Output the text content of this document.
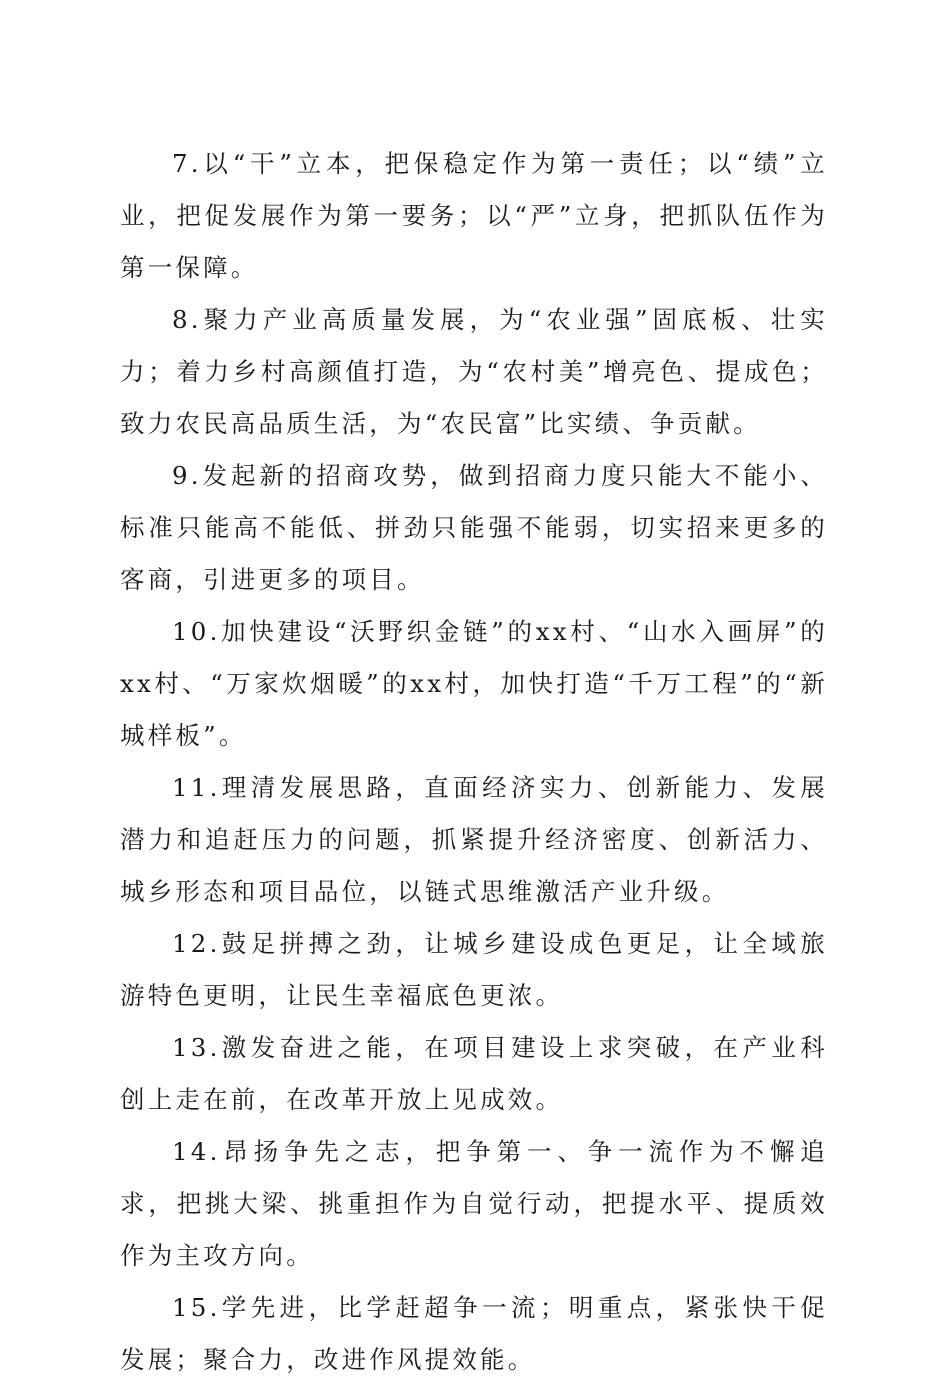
7.以“干”立本，把保稳定作为第一责任；以“绩”立业，把促发展作为第一要务；以“严”立身，把抓队伍作为第一保障。

8.聚力产业高质量发展，为“农业强”固底板、壮实力；着力乡村高颜值打造，为“农村美”增亮色、提成色；致力农民高品质生活，为“农民富”比实绩、争贡献。

9.发起新的招商攻势，做到招商力度只能大不能小、标准只能高不能低、拼劲只能强不能弱，切实招来更多的客商，引进更多的项目。

10.加快建设“沃野织金链”的xx村、“山水入画屏”的xx村、“万家炊烟暖”的xx村，加快打造“千万工程”的“新城样板”。

11.理清发展思路，直面经济实力、创新能力、发展潜力和追赶压力的问题，抓紧提升经济密度、创新活力、城乡形态和项目品位，以链式思维激活产业升级。

12.鼓足拼搏之劲，让城乡建设成色更足，让全域旅游特色更明，让民生幸福底色更浓。

13.激发奋进之能，在项目建设上求突破，在产业科创上走在前，在改革开放上见成效。

14.昂扬争先之志，把争第一、争一流作为不懈追求，把挑大梁、挑重担作为自觉行动，把提水平、提质效作为主攻方向。

15.学先进，比学赶超争一流；明重点，紧张快干促发展；聚合力，改进作风提效能。
